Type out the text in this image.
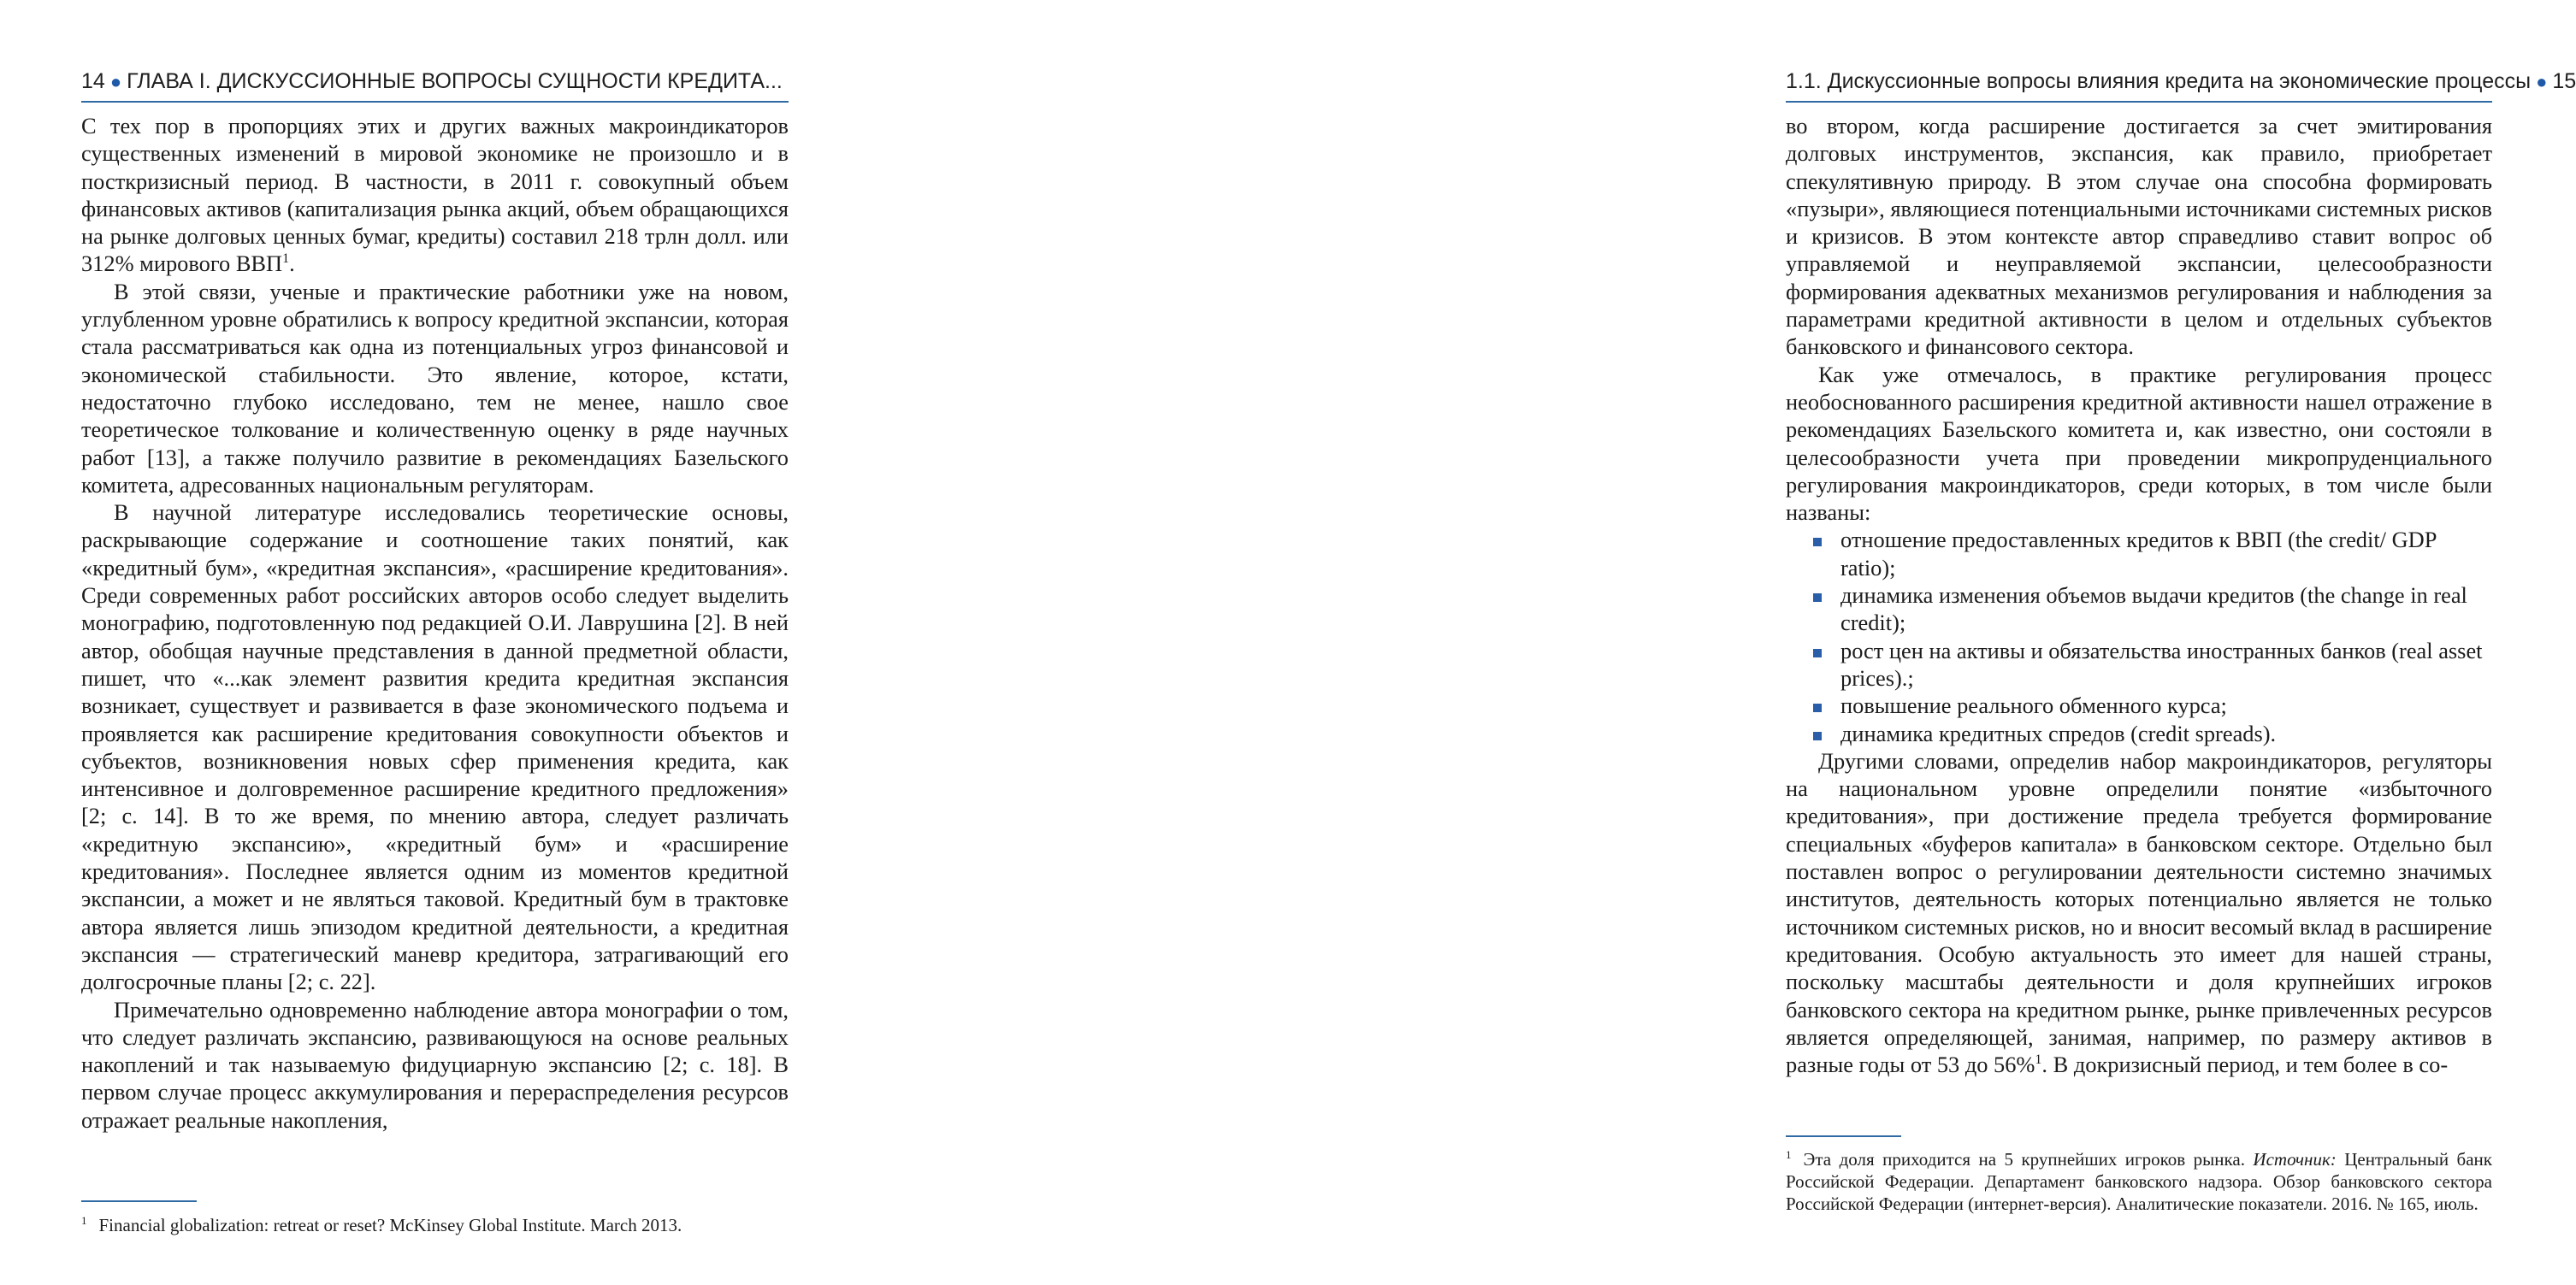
14 ● ГЛАВА I. ДИСКУССИОННЫЕ ВОПРОСЫ СУЩНОСТИ КРЕДИТА...

С тех пор в пропорциях этих и других важных макроиндикаторов существенных изменений в мировой экономике не произошло и в посткризисный период. В частности, в 2011 г. совокупный объем финансовых активов (капитализация рынка акций, объем обращающихся на рынке долговых ценных бумаг, кредиты) составил 218 трлн долл. или 312% мирового ВВП$^1$.

В этой связи, ученые и практические работники уже на новом, углубленном уровне обратились к вопросу кредитной экспансии, которая стала рассматриваться как одна из потенциальных угроз финансовой и экономической стабильности. Это явление, которое, кстати, недостаточно глубоко исследовано, тем не менее, нашло свое теоретическое толкование и количественную оценку в ряде научных работ [13], а также получило развитие в рекомендациях Базельского комитета, адресованных национальным регуляторам.

В научной литературе исследовались теоретические основы, раскрывающие содержание и соотношение таких понятий, как «кредитный бум», «кредитная экспансия», «расширение кредитования». Среди современных работ российских авторов особо следует выделить монографию, подготовленную под редакцией О.И. Лаврушина [2]. В ней автор, обобщая научные представления в данной предметной области, пишет, что «...как элемент развития кредита кредитная экспансия возникает, существует и развивается в фазе экономического подъема и проявляется как расширение кредитования совокупности объектов и субъектов, возникновения новых сфер применения кредита, как интенсивное и долговременное расширение кредитного предложения» [2; с. 14]. В то же время, по мнению автора, следует различать «кредитную экспансию», «кредитный бум» и «расширение кредитования». Последнее является одним из моментов кредитной экспансии, а может и не являться таковой. Кредитный бум в трактовке автора является лишь эпизодом кредитной деятельности, а кредитная экспансия — стратегический маневр кредитора, затрагивающий его долгосрочные планы [2; с. 22].

Примечательно одновременно наблюдение автора монографии о том, что следует различать экспансию, развивающуюся на основе реальных накоплений и так называемую фидуциарную экспансию [2; с. 18]. В первом случае процесс аккумулирования и перераспределения ресурсов отражает реальные накопления,

$^1$ Financial globalization: retreat or reset? McKinsey Global Institute. March 2013.
1.1. Дискуссионные вопросы влияния кредита на экономические процессы ● 15

во втором, когда расширение достигается за счет эмитирования долговых инструментов, экспансия, как правило, приобретает спекулятивную природу. В этом случае она способна формировать «пузыри», являющиеся потенциальными источниками системных рисков и кризисов. В этом контексте автор справедливо ставит вопрос об управляемой и неуправляемой экспансии, целесообразности формирования адекватных механизмов регулирования и наблюдения за параметрами кредитной активности в целом и отдельных субъектов банковского и финансового сектора.

Как уже отмечалось, в практике регулирования процесс необоснованного расширения кредитной активности нашел отражение в рекомендациях Базельского комитета и, как известно, они состояли в целесообразности учета при проведении микропруденциального регулирования макроиндикаторов, среди которых, в том числе были названы:

отношение предоставленных кредитов к ВВП (the credit/ GDP ratio);
динамика изменения объемов выдачи кредитов (the change in real credit);
рост цен на активы и обязательства иностранных банков (real asset prices).;
повышение реального обменного курса;
динамика кредитных спредов (credit spreads).

Другими словами, определив набор макроиндикаторов, регуляторы на национальном уровне определили понятие «избыточного кредитования», при достижение предела требуется формирование специальных «буферов капитала» в банковском секторе. Отдельно был поставлен вопрос о регулировании деятельности системно значимых институтов, деятельность которых потенциально является не только источником системных рисков, но и вносит весомый вклад в расширение кредитования. Особую актуальность это имеет для нашей страны, поскольку масштабы деятельности и доля крупнейших игроков банковского сектора на кредитном рынке, рынке привлеченных ресурсов является определяющей, занимая, например, по размеру активов в разные годы от 53 до 56%$^1$. В докризисный период, и тем более в со-

$^1$ Эта доля приходится на 5 крупнейших игроков рынка. Источник: Центральный банк Российской Федерации. Департамент банковского надзора. Обзор банковского сектора Российской Федерации (интернет-версия). Аналитические показатели. 2016. № 165, июль.
